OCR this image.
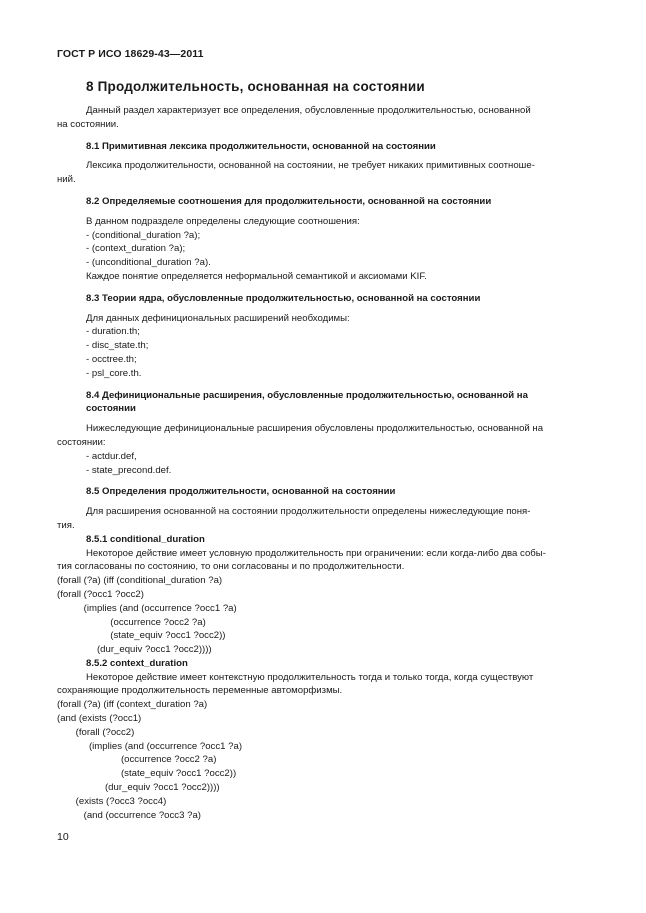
ГОСТ Р ИСО 18629-43—2011
8 Продолжительность, основанная на состоянии

Данный раздел характеризует все определения, обусловленные продолжительностью, основанной

на состоянии.

8.1 Примитивная лексика продолжительности, основанной на состоянии

Лексика продолжительности, основанной на состоянии, не требует никаких примитивных соотноше-

ний.

8.2 Определяемые соотношения для продолжительности, основанной на состоянии

В данном подразделе определены следующие соотношения:

- (conditional_duration ?a);

- (context_duration ?a);

- (unconditional_duration ?a).

Каждое понятие определяется неформальной семантикой и аксиомами KIF.

8.3 Теории ядра, обусловленные продолжительностью, основанной на состоянии

Для данных дефинициональных расширений необходимы:

- duration.th;

- disc_state.th;

- occtree.th;

- psl_core.th.

8.4 Дефинициональные расширения, обусловленные продолжительностью, основанной на

состоянии

Нижеследующие дефинициональные расширения обусловлены продолжительностью, основанной на

состоянии:

- actdur.def,

- state_precond.def.

8.5 Определения продолжительности, основанной на состоянии

Для расширения основанной на состоянии продолжительности определены нижеследующие поня-

тия.

8.5.1 conditional_duration

Некоторое действие имеет условную продолжительность при ограничении: если когда-либо два собы-

тия согласованы по состоянию, то они согласованы и по продолжительности.

(forall (?a) (iff (conditional_duration ?a)

(forall (?occ1 ?occ2)

(implies (and (occurrence ?occ1 ?a)

(occurrence ?occ2 ?a)

(state_equiv ?occ1 ?occ2))

(dur_equiv ?occ1 ?occ2))))

8.5.2 context_duration

Некоторое действие имеет контекстную продолжительность тогда и только тогда, когда существуют

сохраняющие продолжительность переменные автоморфизмы.

(forall (?a) (iff (context_duration ?a)

(and (exists (?occ1)

(forall (?occ2)

(implies (and (occurrence ?occ1 ?a)

(occurrence ?occ2 ?a)

(state_equiv ?occ1 ?occ2))

(dur_equiv ?occ1 ?occ2))))

(exists (?occ3 ?occ4)

(and (occurrence ?occ3 ?a)

10
